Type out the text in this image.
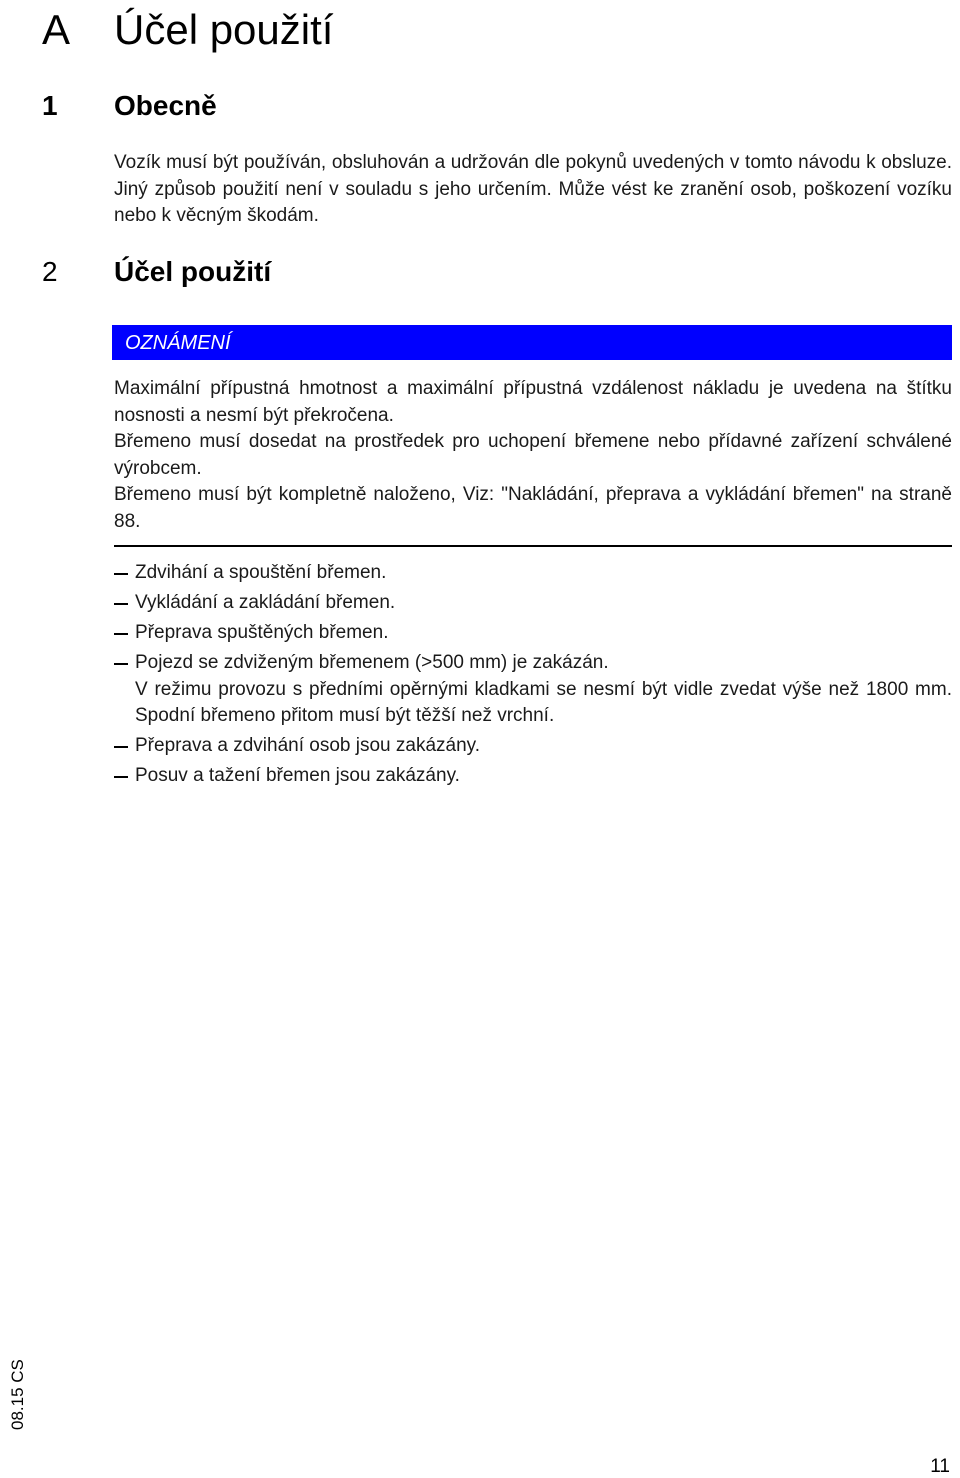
A Účel použití
1 Obecně
Vozík musí být používán, obsluhován a udržován dle pokynů uvedených v tomto návodu k obsluze. Jiný způsob použití není v souladu s jeho určením. Může vést ke zranění osob, poškození vozíku nebo k věcným škodám.
2 Účel použití
OZNÁMENÍ
Maximální přípustná hmotnost a maximální přípustná vzdálenost nákladu je uvedena na štítku nosnosti a nesmí být překročena.
Břemeno musí dosedat na prostředek pro uchopení břemene nebo přídavné zařízení schválené výrobcem.
Břemeno musí být kompletně naloženo, Viz: "Nakládání, přeprava a vykládání břemen" na straně 88.
Zdvihání a spouštění břemen.
Vykládání a zakládání břemen.
Přeprava spuštěných břemen.
Pojezd se zdviženým břemenem (>500 mm) je zakázán.
V režimu provozu s předními opěrnými kladkami se nesmí být vidle zvedat výše než 1800 mm. Spodní břemeno přitom musí být těžší než vrchní.
Přeprava a zdvihání osob jsou zakázány.
Posuv a tažení břemen jsou zakázány.
08.15 CS
11
